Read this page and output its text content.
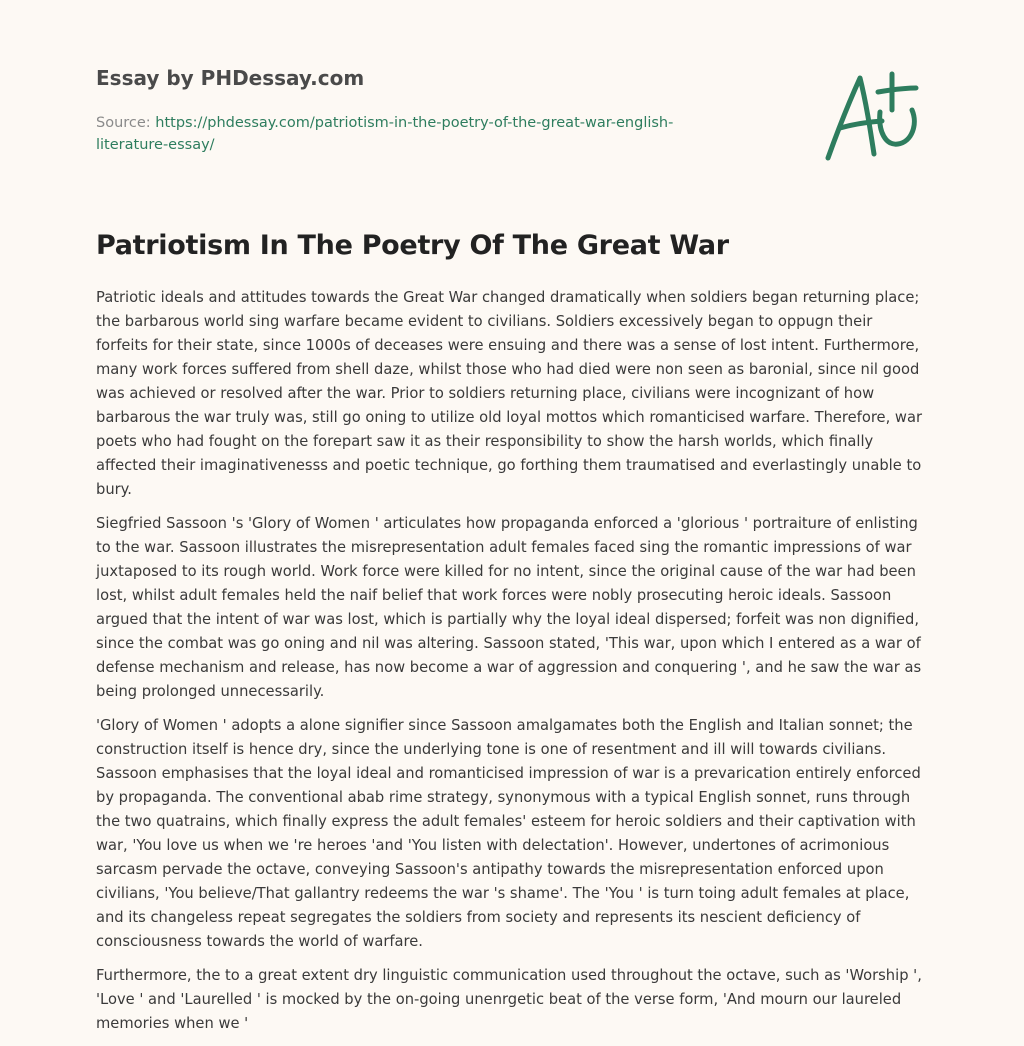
Essay by PHDessay.com
Source: https://phdessay.com/patriotism-in-the-poetry-of-the-great-war-english-literature-essay/
Patriotism In The Poetry Of The Great War

Patriotic ideals and attitudes towards the Great War changed dramatically when soldiers began returning place; the barbarous world sing warfare became evident to civilians. Soldiers excessively began to oppugn their forfeits for their state, since 1000s of deceases were ensuing and there was a sense of lost intent. Furthermore, many work forces suffered from shell daze, whilst those who had died were non seen as baronial, since nil good was achieved or resolved after the war. Prior to soldiers returning place, civilians were incognizant of how barbarous the war truly was, still go oning to utilize old loyal mottos which romanticised warfare. Therefore, war poets who had fought on the forepart saw it as their responsibility to show the harsh worlds, which finally affected their imaginativenesss and poetic technique, go forthing them traumatised and everlastingly unable to bury.

Siegfried Sassoon 's 'Glory of Women ' articulates how propaganda enforced a 'glorious ' portraiture of enlisting to the war. Sassoon illustrates the misrepresentation adult females faced sing the romantic impressions of war juxtaposed to its rough world. Work force were killed for no intent, since the original cause of the war had been lost, whilst adult females held the naif belief that work forces were nobly prosecuting heroic ideals. Sassoon argued that the intent of war was lost, which is partially why the loyal ideal dispersed; forfeit was non dignified, since the combat was go oning and nil was altering. Sassoon stated, 'This war, upon which I entered as a war of defense mechanism and release, has now become a war of aggression and conquering ', and he saw the war as being prolonged unnecessarily.

'Glory of Women ' adopts a alone signifier since Sassoon amalgamates both the English and Italian sonnet; the construction itself is hence dry, since the underlying tone is one of resentment and ill will towards civilians. Sassoon emphasises that the loyal ideal and romanticised impression of war is a prevarication entirely enforced by propaganda. The conventional abab rime strategy, synonymous with a typical English sonnet, runs through the two quatrains, which finally express the adult females' esteem for heroic soldiers and their captivation with war, 'You love us when we 're heroes 'and 'You listen with delectation'. However, undertones of acrimonious sarcasm pervade the octave, conveying Sassoon's antipathy towards the misrepresentation enforced upon civilians, 'You believe/That gallantry redeems the war 's shame'. The 'You ' is turn toing adult females at place, and its changeless repeat segregates the soldiers from society and represents its nescient deficiency of consciousness towards the world of warfare.

Furthermore, the to a great extent dry linguistic communication used throughout the octave, such as 'Worship ', 'Love ' and 'Laurelled ' is mocked by the on-going unenrgetic beat of the verse form, 'And mourn our laureled memories when we '
